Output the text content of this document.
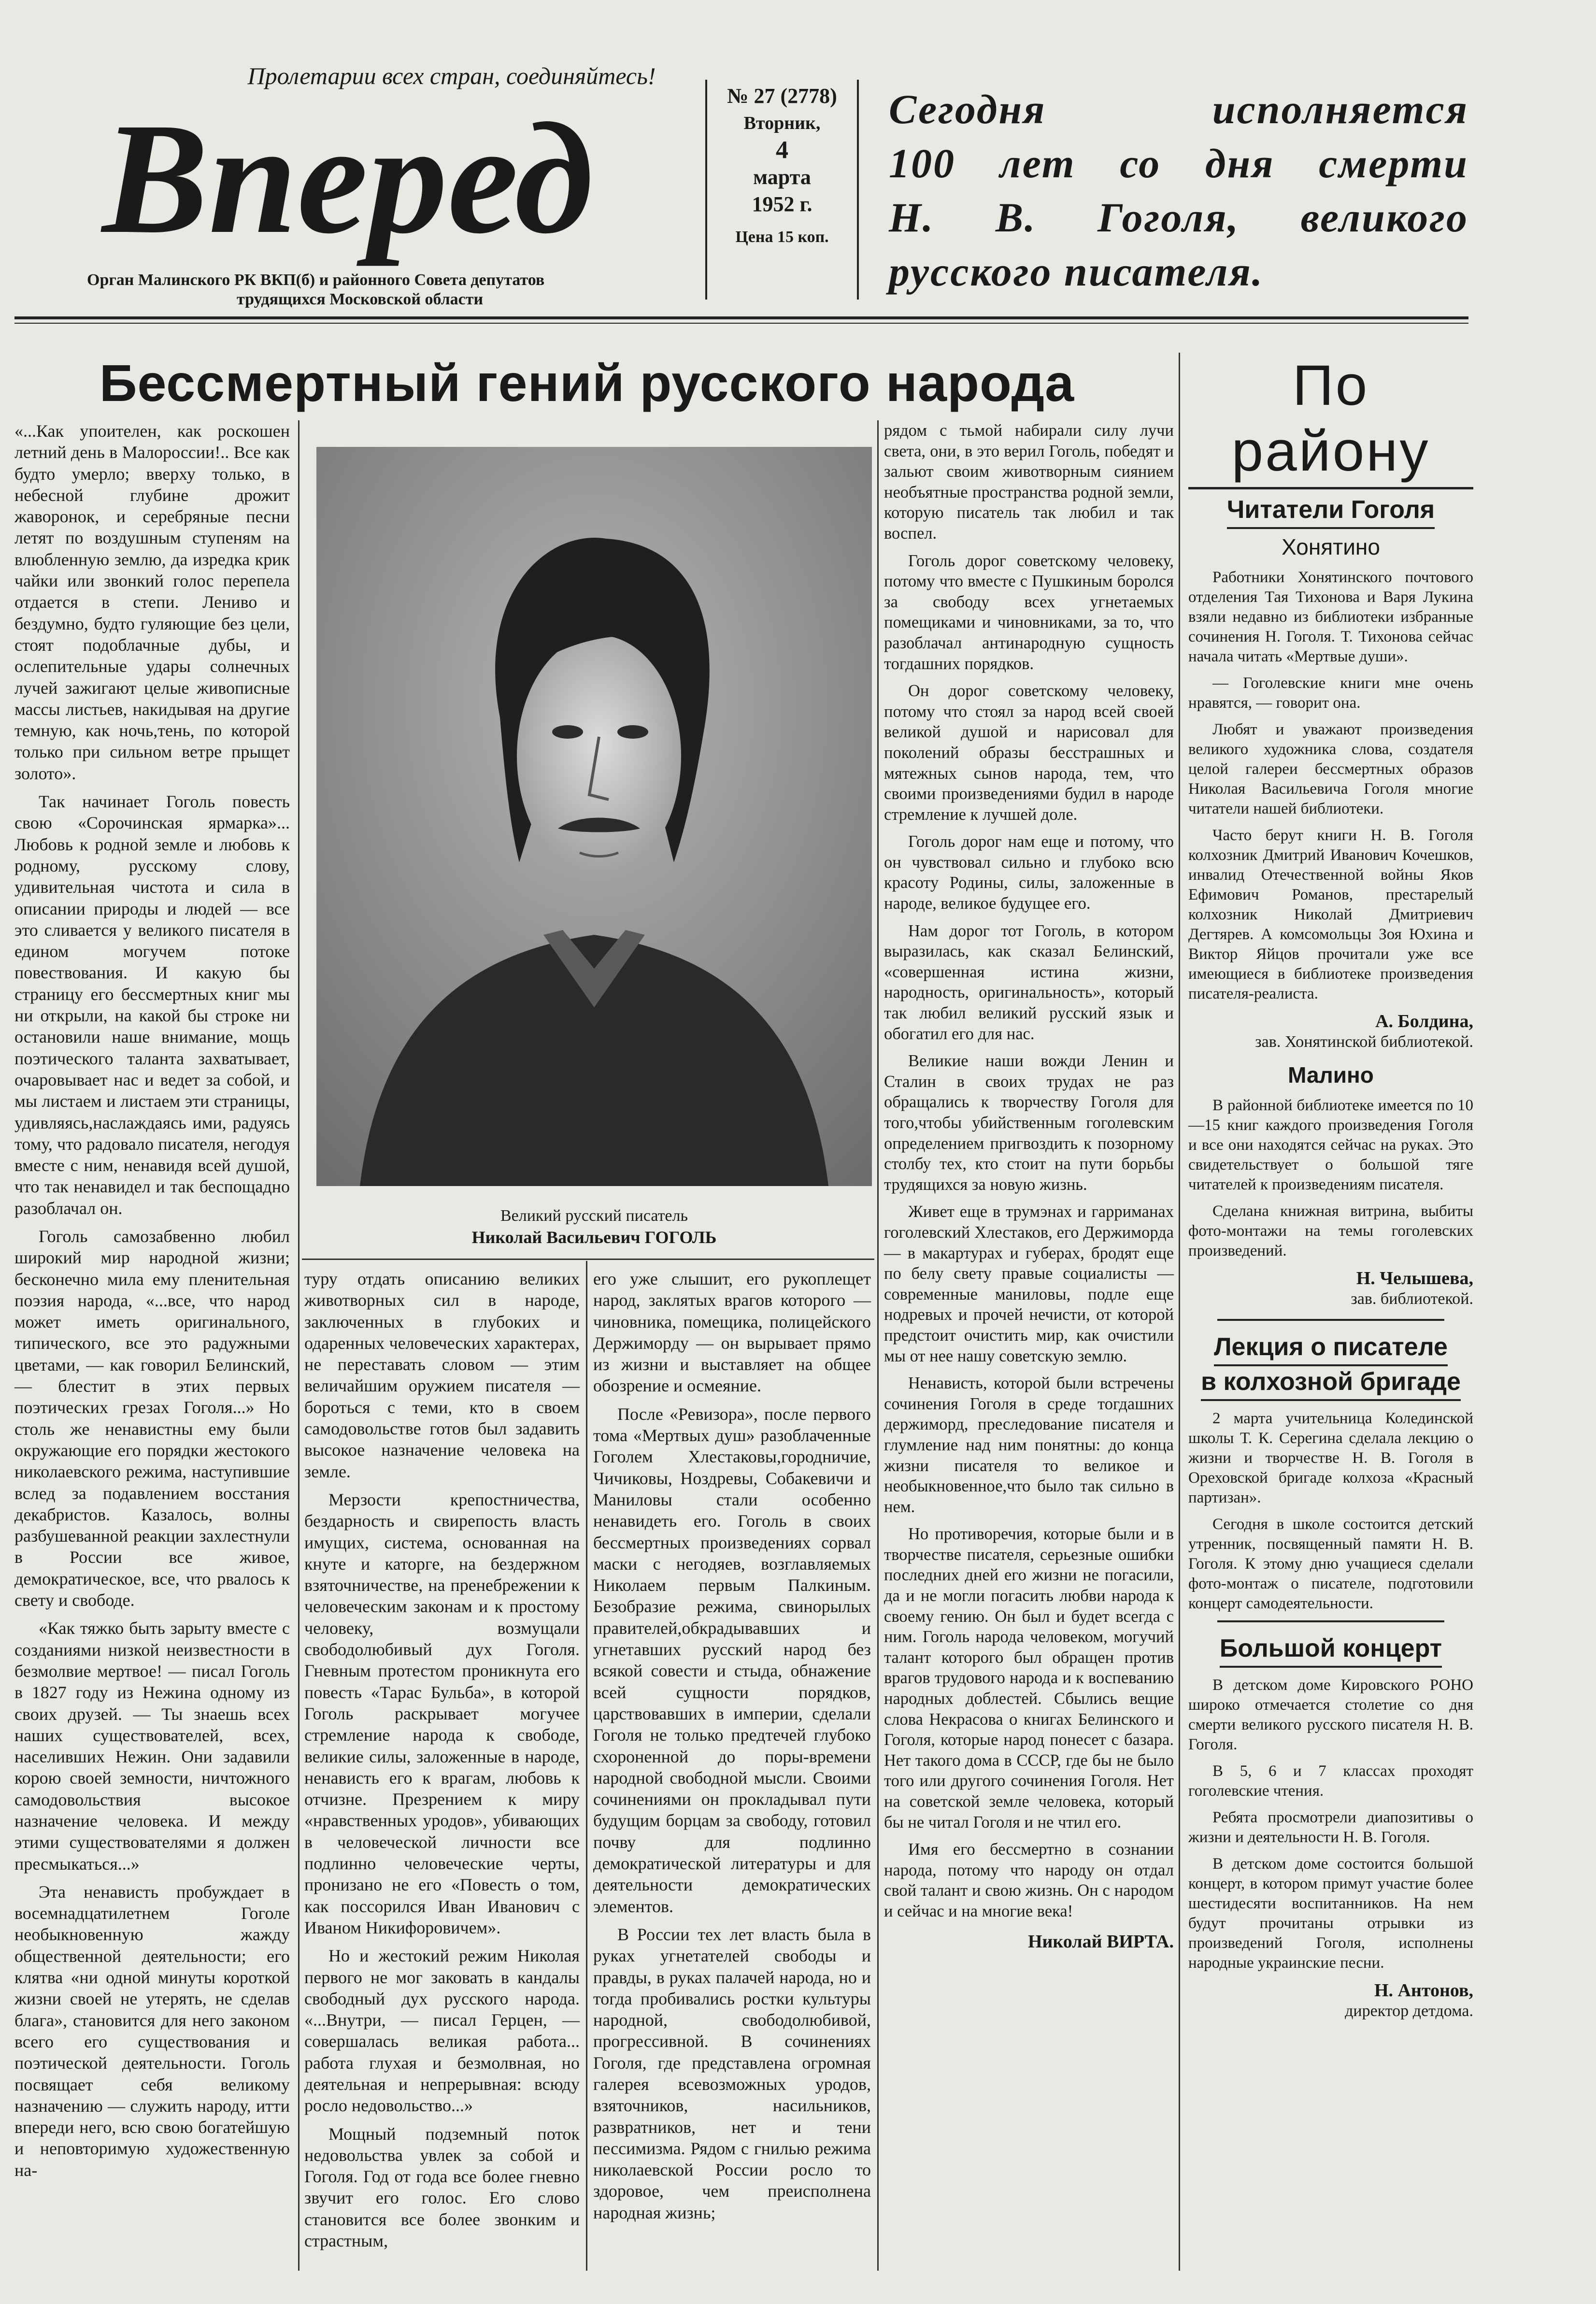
Пролетарии всех стран, соединяйтесь!
Вперед
Орган Малинского РК ВКП(б) и районного Совета депутатов
трудящихся Московской области
№ 27 (2778)
Вторник,
4
марта
1952 г.
Цена 15 коп.
Сегодня исполняется
100 лет со дня смерти
Н. В. Гоголя, великого
русского писателя.
Бессмертный гений русского народа
Великий русский писатель
Николай Васильевич ГОГОЛЬ

«...Как упоителен, как роскошен летний день в Малороссии!.. Все как будто умерло; вверху только, в небесной глубине дрожит жаворонок, и серебряные песни летят по воздушным ступеням на влюбленную землю, да изредка крик чайки или звонкий голос перепела отдается в степи. Лениво и бездумно, будто гуляющие без цели, стоят подоблачные дубы, и ослепительные удары солнечных лучей зажигают целые живописные массы листьев, накидывая на другие темную, как ночь,тень, по которой только при сильном ветре прыщет золото».

Так начинает Гоголь повесть свою «Сорочинская ярмарка»... Любовь к родной земле и любовь к родному, русскому слову, удивительная чистота и сила в описании природы и людей — все это сливается у великого писателя в едином могучем потоке повествования. И какую бы страницу его бессмертных книг мы ни открыли, на какой бы строке ни остановили наше внимание, мощь поэтического таланта захватывает, очаровывает нас и ведет за собой, и мы листаем и листаем эти страницы, удивляясь,наслаждаясь ими, радуясь тому, что радовало писателя, негодуя вместе с ним, ненавидя всей душой, что так ненавидел и так беспощадно разоблачал он.

Гоголь самозабвенно любил широкий мир народной жизни; бесконечно мила ему пленительная поэзия народа, «...все, что народ может иметь оригинального, типического, все это радужными цветами, — как говорил Белинский, — блестит в этих первых поэтических грезах Гоголя...» Но столь же ненавистны ему были окружающие его порядки жестокого николаевского режима, наступившие вслед за подавлением восстания декабристов. Казалось, волны разбушеванной реакции захлестнули в России все живое, демократическое, все, что рвалось к свету и свободе.

«Как тяжко быть зарыту вместе с созданиями низкой неизвестности в безмолвие мертвое! — писал Гоголь в 1827 году из Нежина одному из своих друзей. — Ты знаешь всех наших существователей, всех, населивших Нежин. Они задавили корою своей земности, ничтожного самодовольствия высокое назначение человека. И между этими существователями я должен пресмыкаться...»

Эта ненависть пробуждает в восемнадцатилетнем Гоголе необыкновенную жажду общественной деятельности; его клятва «ни одной минуты короткой жизни своей не утерять, не сделав блага», становится для него законом всего его существования и поэтической деятельности. Гоголь посвящает себя великому назначению — служить народу, итти впереди него, всю свою богатейшую и неповторимую художественную на-

туру отдать описанию великих животворных сил в народе, заключенных в глубоких и одаренных человеческих характерах, не переставать словом — этим величайшим оружием писателя — бороться с теми, кто в своем самодовольстве готов был задавить высокое назначение человека на земле.

Мерзости крепостничества, бездарность и свирепость власть имущих, система, основанная на кнуте и каторге, на бездержном взяточничестве, на пренебрежении к человеческим законам и к простому человеку, возмущали свободолюбивый дух Гоголя. Гневным протестом проникнута его повесть «Тарас Бульба», в которой Гоголь раскрывает могучее стремление народа к свободе, великие силы, заложенные в народе, ненависть его к врагам, любовь к отчизне. Презрением к миру «нравственных уродов», убивающих в человеческой личности все подлинно человеческие черты, пронизано не его «Повесть о том, как поссорился Иван Иванович с Иваном Никифоровичем».

Но и жестокий режим Николая первого не мог заковать в кандалы свободный дух русского народа. «...Внутри, — писал Герцен, — совершалась великая работа... работа глухая и безмолвная, но деятельная и непрерывная: всюду росло недовольство...»

Мощный подземный поток недовольства увлек за собой и Гоголя. Год от года все более гневно звучит его голос. Его слово становится все более звонким и страстным,

его уже слышит, его рукоплещет народ, заклятых врагов которого — чиновника, помещика, полицейского Держиморду — он вырывает прямо из жизни и выставляет на общее обозрение и осмеяние.

После «Ревизора», после первого тома «Мертвых душ» разоблаченные Гоголем Хлестаковы,городничие, Чичиковы, Ноздревы, Собакевичи и Маниловы стали особенно ненавидеть его. Гоголь в своих бессмертных произведениях сорвал маски с негодяев, возглавляемых Николаем первым Палкиным. Безобразие режима, свинорылых правителей,обкрадывавших и угнетавших русский народ без всякой совести и стыда, обнажение всей сущности порядков, царствовавших в империи, сделали Гоголя не только предтечей глубоко схороненной до поры-времени народной свободной мысли. Своими сочинениями он прокладывал пути будущим борцам за свободу, готовил почву для подлинно демократической литературы и для деятельности демократических элементов.

В России тех лет власть была в руках угнетателей свободы и правды, в руках палачей народа, но и тогда пробивались ростки культуры народной, свободолюбивой, прогрессивной. В сочинениях Гоголя, где представлена огромная галерея всевозможных уродов, взяточников, насильников, развратников, нет и тени пессимизма. Рядом с гнилью режима николаевской России росло то здоровое, чем преисполнена народная жизнь;

рядом с тьмой набирали силу лучи света, они, в это верил Гоголь, победят и зальют своим животворным сиянием необъятные пространства родной земли, которую писатель так любил и так воспел.

Гоголь дорог советскому человеку, потому что вместе с Пушкиным боролся за свободу всех угнетаемых помещиками и чиновниками, за то, что разоблачал антинародную сущность тогдашних порядков.

Он дорог советскому человеку, потому что стоял за народ всей своей великой душой и нарисовал для поколений образы бесстрашных и мятежных сынов народа, тем, что своими произведениями будил в народе стремление к лучшей доле.

Гоголь дорог нам еще и потому, что он чувствовал сильно и глубоко всю красоту Родины, силы, заложенные в народе, великое будущее его.

Нам дорог тот Гоголь, в котором выразилась, как сказал Белинский, «совершенная истина жизни, народность, оригинальность», который так любил великий русский язык и обогатил его для нас.

Великие наши вожди Ленин и Сталин в своих трудах не раз обращались к творчеству Гоголя для того,чтобы убийственным гоголевским определением пригвоздить к позорному столбу тех, кто стоит на пути борьбы трудящихся за новую жизнь.

Живет еще в трумэнах и гарриманах гоголевский Хлестаков, его Держиморда — в макартурах и губерах, бродят еще по белу свету правые социалисты — современные маниловы, подле еще нодревых и прочей нечисти, от которой предстоит очистить мир, как очистили мы от нее нашу советскую землю.

Ненависть, которой были встречены сочинения Гоголя в среде тогдашних держиморд, преследование писателя и глумление над ним понятны: до конца жизни писателя то великое и необыкновенное,что было так сильно в нем.

Но противоречия, которые были и в творчестве писателя, серьезные ошибки последних дней его жизни не погасили, да и не могли погасить любви народа к своему гению. Он был и будет всегда с ним. Гоголь народа человеком, могучий талант которого был обращен против врагов трудового народа и к воспеванию народных доблестей. Сбылись вещие слова Некрасова о книгах Белинского и Гоголя, которые народ понесет с базара. Нет такого дома в СССР, где бы не было того или другого сочинения Гоголя. Нет на советской земле человека, который бы не читал Гоголя и не чтил его.

Имя его бессмертно в сознании народа, потому что народу он отдал свой талант и свою жизнь. Он с народом и сейчас и на многие века!

Николай ВИРТА.
По району
Читатели Гоголя
Хонятино

Работники Хонятинского почтового отделения Тая Тихонова и Варя Лукина взяли недавно из библиотеки избранные сочинения Н. Гоголя. Т. Тихонова сейчас начала читать «Мертвые души».

— Гоголевские книги мне очень нравятся, — говорит она.

Любят и уважают произведения великого художника слова, создателя целой галереи бессмертных образов Николая Васильевича Гоголя многие читатели нашей библиотеки.

Часто берут книги Н. В. Гоголя колхозник Дмитрий Иванович Кочешков, инвалид Отечественной войны Яков Ефимович Романов, престарелый колхозник Николай Дмитриевич Дегтярев. А комсомольцы Зоя Юхина и Виктор Яйцов прочитали уже все имеющиеся в библиотеке произведения писателя-реалиста.

А. Болдина,
зав. Хонятинской библиотекой.
Малино

В районной библиотеке имеется по 10—15 книг каждого произведения Гоголя и все они находятся сейчас на руках. Это свидетельствует о большой тяге читателей к произведениям писателя.

Сделана книжная витрина, выбиты фото-монтажи на темы гоголевских произведений.

Н. Челышева,
зав. библиотекой.
Лекция о писателе
в колхозной бригаде

2 марта учительница Колединской школы Т. К. Серегина сделала лекцию о жизни и творчестве Н. В. Гоголя в Ореховской бригаде колхоза «Красный партизан».

Сегодня в школе состоится детский утренник, посвященный памяти Н. В. Гоголя. К этому дню учащиеся сделали фото-монтаж о писателе, подготовили концерт самодеятельности.

Большой концерт

В детском доме Кировского РОНО широко отмечается столетие со дня смерти великого русского писателя Н. В. Гоголя.

В 5, 6 и 7 классах проходят гоголевские чтения.

Ребята просмотрели диапозитивы о жизни и деятельности Н. В. Гоголя.

В детском доме состоится большой концерт, в котором примут участие более шестидесяти воспитанников. На нем будут прочитаны отрывки из произведений Гоголя, исполнены народные украинские песни.

Н. Антонов,
директор детдома.
